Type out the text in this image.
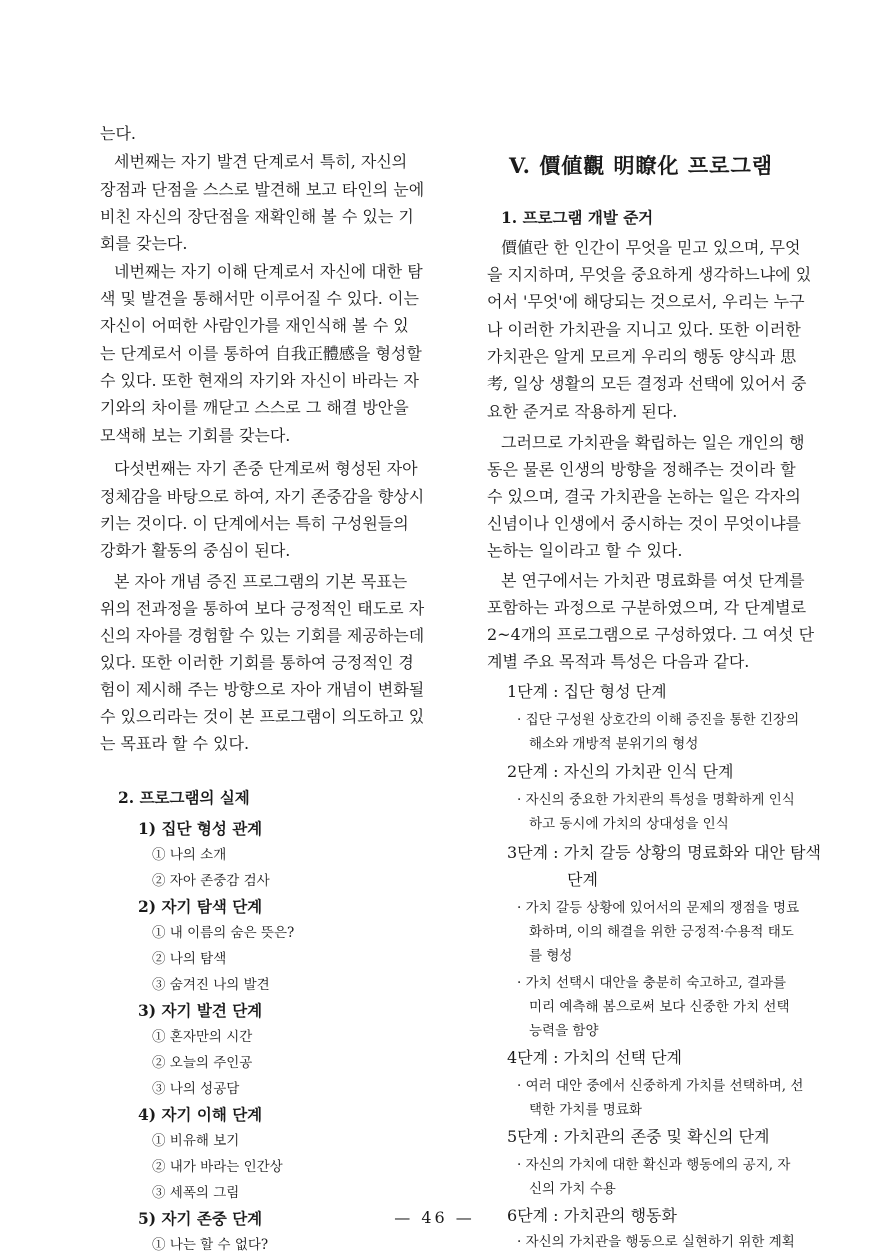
는다.
세번째는 자기 발견 단계로서 특히, 자신의
장점과 단점을 스스로 발견해 보고 타인의 눈에
비친 자신의 장단점을 재확인해 볼 수 있는 기
회를 갖는다.
네번째는 자기 이해 단계로서 자신에 대한 탐
색 및 발견을 통해서만 이루어질 수 있다. 이는
자신이 어떠한 사람인가를 재인식해 볼 수 있
는 단계로서 이를 통하여 自我正體感을 형성할
수 있다. 또한 현재의 자기와 자신이 바라는 자
기와의 차이를 깨닫고 스스로 그 해결 방안을
모색해 보는 기회를 갖는다.
다섯번째는 자기 존중 단계로써 형성된 자아
정체감을 바탕으로 하여, 자기 존중감을 향상시
키는 것이다. 이 단계에서는 특히 구성원들의
강화가 활동의 중심이 된다.
본 자아 개념 증진 프로그램의 기본 목표는
위의 전과정을 통하여 보다 긍정적인 태도로 자
신의 자아를 경험할 수 있는 기회를 제공하는데
있다. 또한 이러한 기회를 통하여 긍정적인 경
험이 제시해 주는 방향으로 자아 개념이 변화될
수 있으리라는 것이 본 프로그램이 의도하고 있
는 목표라 할 수 있다.
2. 프로그램의 실제
1) 집단 형성 관계
① 나의 소개
② 자아 존중감 검사
2) 자기 탐색 단계
① 내 이름의 숨은 뜻은?
② 나의 탐색
③ 숨겨진 나의 발견
3) 자기 발견 단계
① 혼자만의 시간
② 오늘의 주인공
③ 나의 성공담
4) 자기 이해 단계
① 비유해 보기
② 내가 바라는 인간상
③ 세폭의 그림
5) 자기 존중 단계
① 나는 할 수 없다?
V. 價値觀 明瞭化 프로그램
1. 프로그램 개발 준거
價値란 한 인간이 무엇을 믿고 있으며, 무엇
을 지지하며, 무엇을 중요하게 생각하느냐에 있
어서 '무엇'에 해당되는 것으로서, 우리는 누구
나 이러한 가치관을 지니고 있다. 또한 이러한
가치관은 알게 모르게 우리의 행동 양식과 思
考, 일상 생활의 모든 결정과 선택에 있어서 중
요한 준거로 작용하게 된다.
그러므로 가치관을 확립하는 일은 개인의 행
동은 물론 인생의 방향을 정해주는 것이라 할
수 있으며, 결국 가치관을 논하는 일은 각자의
신념이나 인생에서 중시하는 것이 무엇이냐를
논하는 일이라고 할 수 있다.
본 연구에서는 가치관 명료화를 여섯 단계를
포함하는 과정으로 구분하였으며, 각 단계별로
2~4개의 프로그램으로 구성하였다. 그 여섯 단
계별 주요 목적과 특성은 다음과 같다.
1단계 : 집단 형성 단계
· 집단 구성원 상호간의 이해 증진을 통한 긴장의
해소와 개방적 분위기의 형성
2단계 : 자신의 가치관 인식 단계
· 자신의 중요한 가치관의 특성을 명확하게 인식
하고 동시에 가치의 상대성을 인식
3단계 : 가치 갈등 상황의 명료화와 대안 탐색
단계
· 가치 갈등 상황에 있어서의 문제의 쟁점을 명료
화하며, 이의 해결을 위한 긍정적·수용적 태도
를 형성
· 가치 선택시 대안을 충분히 숙고하고, 결과를
미리 예측해 봄으로써 보다 신중한 가치 선택
능력을 함양
4단계 : 가치의 선택 단계
· 여러 대안 중에서 신중하게 가치를 선택하며, 선
택한 가치를 명료화
5단계 : 가치관의 존중 및 확신의 단계
· 자신의 가치에 대한 확신과 행동에의 공지, 자
신의 가치 수용
6단계 : 가치관의 행동화
· 자신의 가치관을 행동으로 실현하기 위한 계획
— 46 —
